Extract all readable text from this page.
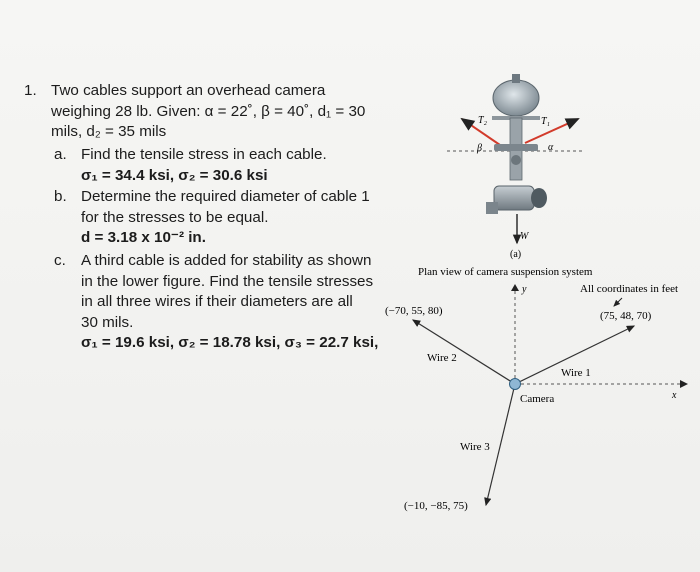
1. Two cables support an overhead camera
weighing 28 lb. Given: α = 22˚, β = 40˚, d₁ = 30
mils, d₂ = 35 mils
a. Find the tensile stress in each cable.
σ₁ = 34.4 ksi, σ₂ = 30.6 ksi
b. Determine the required diameter of cable 1
for the stresses to be equal.
d = 3.18 x 10⁻² in.
c. A third cable is added for stability as shown
in the lower figure. Find the tensile stresses
in all three wires if their diameters are all
30 mils.
σ₁ = 19.6 ksi, σ₂ = 18.78 ksi, σ₃ = 22.7 ksi,
T₂	T₁
β	α
W
(a)
Plan view of camera suspension system
All coordinates in feet
y
x
(−70, 55, 80)	(75, 48, 70)
(−10, −85, 75)
Wire 2
Wire 1
Wire 3
Camera
